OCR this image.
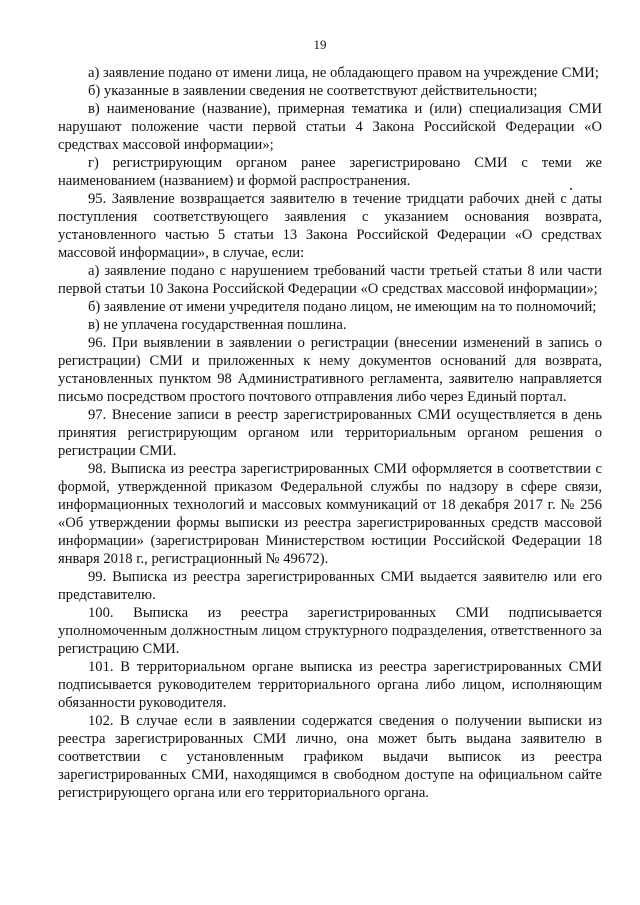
19

а) заявление подано от имени лица, не обладающего правом на учреждение СМИ;

б) указанные в заявлении сведения не соответствуют действительности;

в) наименование (название), примерная тематика и (или) специализация СМИ нарушают положение части первой статьи 4 Закона Российской Федерации «О средствах массовой информации»;

г) регистрирующим органом ранее зарегистрировано СМИ с теми же наименованием (названием) и формой распространения.

95. Заявление возвращается заявителю в течение тридцати рабочих дней с даты поступления соответствующего заявления с указанием основания возврата, установленного частью 5 статьи 13 Закона Российской Федерации «О средствах массовой информации», в случае, если:

а) заявление подано с нарушением требований части третьей статьи 8 или части первой статьи 10 Закона Российской Федерации «О средствах массовой информации»;

б) заявление от имени учредителя подано лицом, не имеющим на то полномочий;

в) не уплачена государственная пошлина.

96. При выявлении в заявлении о регистрации (внесении изменений в запись о регистрации) СМИ и приложенных к нему документов оснований для возврата, установленных пунктом 98 Административного регламента, заявителю направляется письмо посредством простого почтового отправления либо через Единый портал.

97. Внесение записи в реестр зарегистрированных СМИ осуществляется в день принятия регистрирующим органом или территориальным органом решения о регистрации СМИ.

98. Выписка из реестра зарегистрированных СМИ оформляется в соответствии с формой, утвержденной приказом Федеральной службы по надзору в сфере связи, информационных технологий и массовых коммуникаций от 18 декабря 2017 г. № 256 «Об утверждении формы выписки из реестра зарегистрированных средств массовой информации» (зарегистрирован Министерством юстиции Российской Федерации 18 января 2018 г., регистрационный № 49672).

99. Выписка из реестра зарегистрированных СМИ выдается заявителю или его представителю.

100. Выписка из реестра зарегистрированных СМИ подписывается уполномоченным должностным лицом структурного подразделения, ответственного за регистрацию СМИ.

101. В территориальном органе выписка из реестра зарегистрированных СМИ подписывается руководителем территориального органа либо лицом, исполняющим обязанности руководителя.

102. В случае если в заявлении содержатся сведения о получении выписки из реестра зарегистрированных СМИ лично, она может быть выдана заявителю в соответствии с установленным графиком выдачи выписок из реестра зарегистрированных СМИ, находящимся в свободном доступе на официальном сайте регистрирующего органа или его территориального органа.
